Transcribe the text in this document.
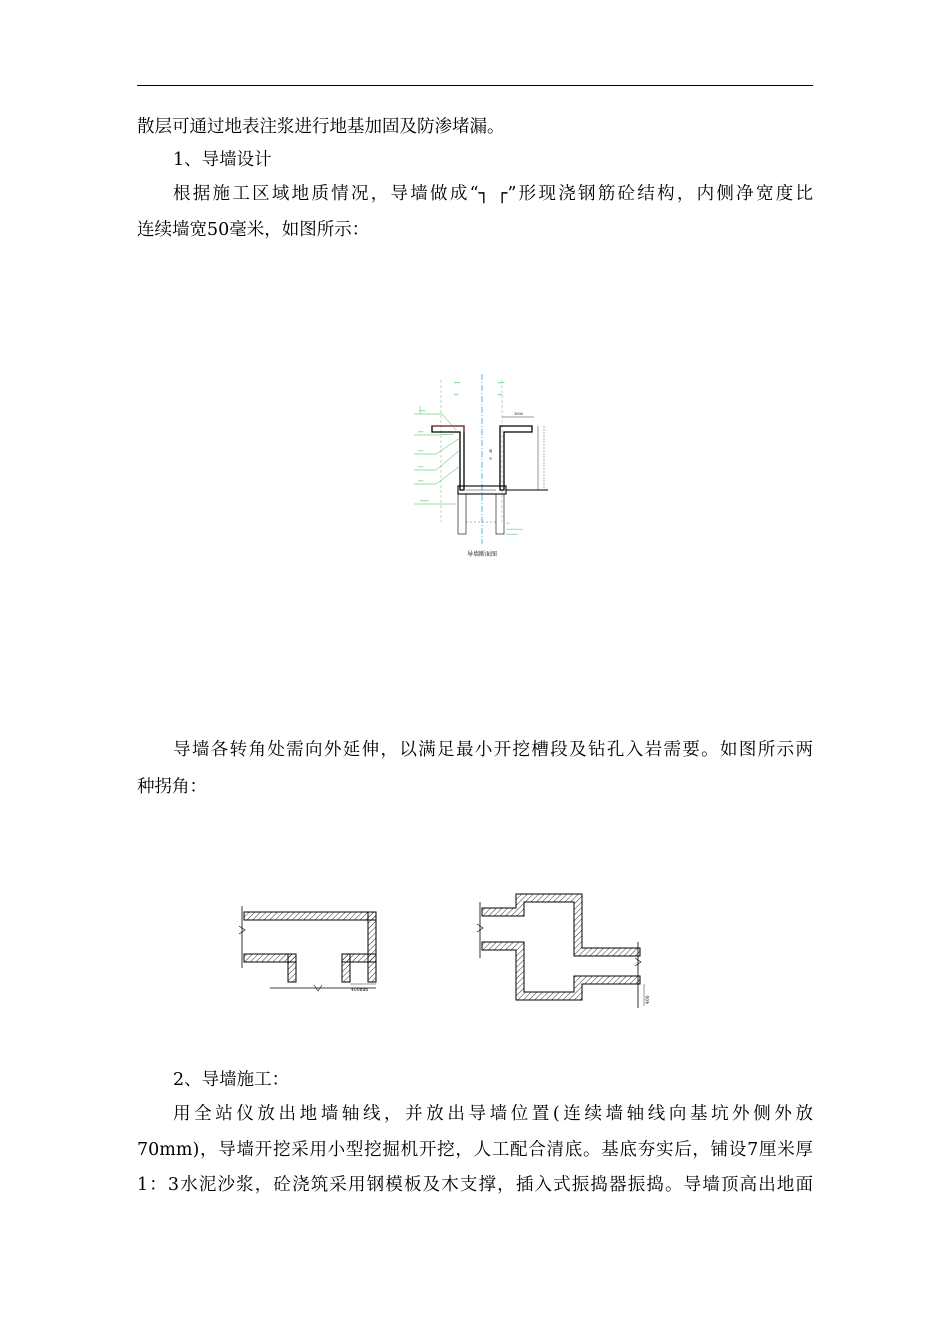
散层可通过地表注浆进行地基加固及防渗堵漏。

1、导墙设计

根据施工区域地质情况，导墙做成“┐ ┌”形现浇钢筋砼结构，内侧净宽度比

连续墙宽50毫米，如图所示：

━━━
━━
━━━
━━
1000
墙
中
━━━
━━━
━━━
━━━
━━━
━━━━━
━━
━━━━━━━━━━
━━━━━━━
导墙断面图

导墙各转角处需向外延伸，以满足最小开挖槽段及钻孔入岩需要。如图所示两

种拐角：

400mm
400

2、导墙施工：

用全站仪放出地墙轴线，并放出导墙位置(连续墙轴线向基坑外侧外放

70mm)，导墙开挖采用小型挖掘机开挖，人工配合清底。基底夯实后，铺设7厘米厚

1：3水泥沙浆，砼浇筑采用钢模板及木支撑，插入式振捣器振捣。导墙顶高出地面
